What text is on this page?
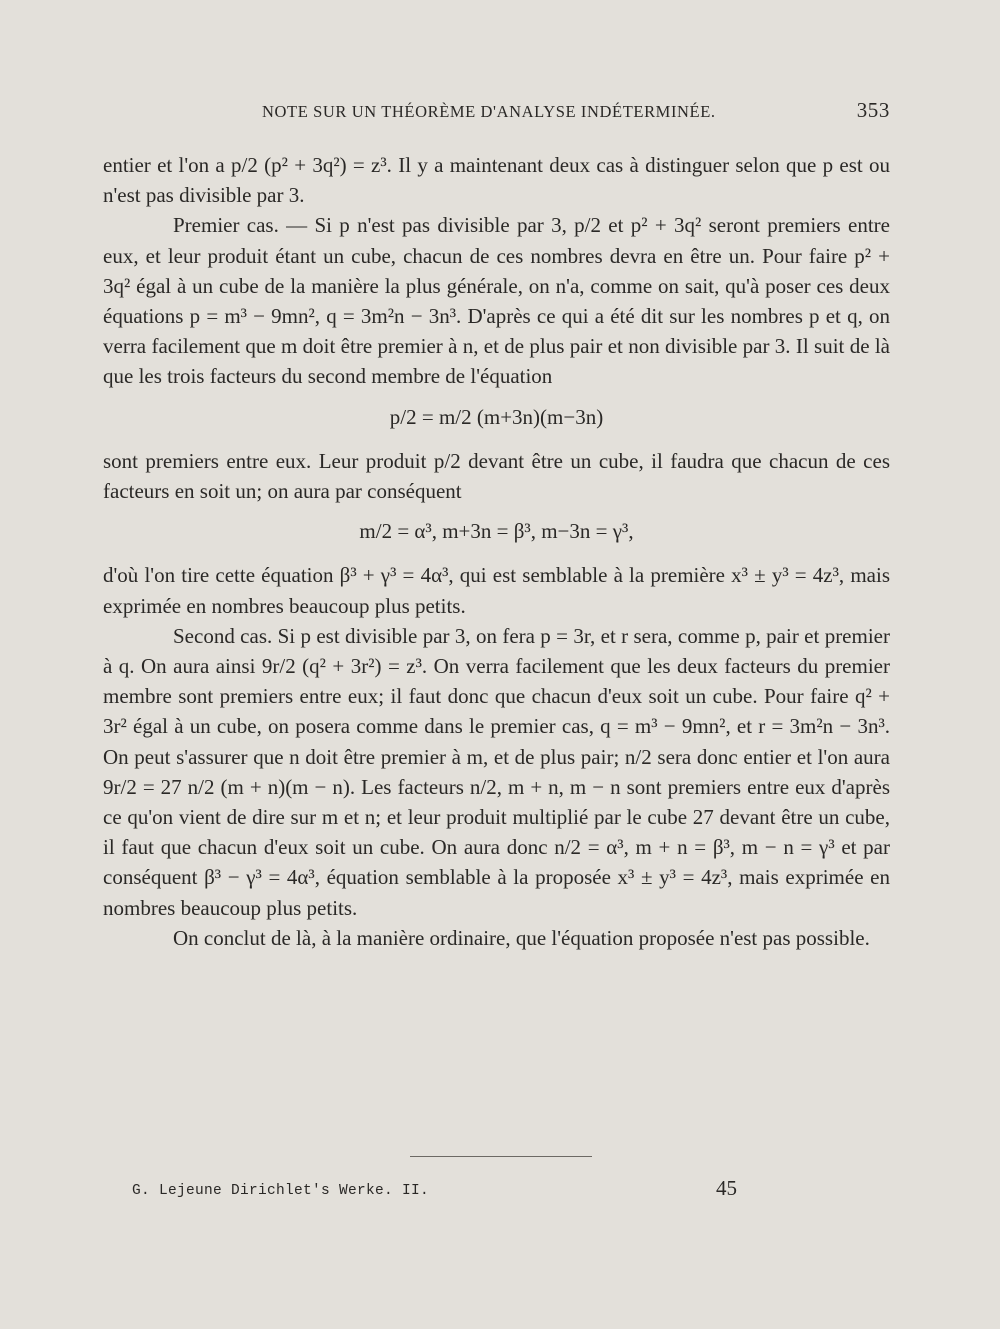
NOTE SUR UN THÉORÈME D'ANALYSE INDÉTERMINÉE.	353

entier et l'on a p/2 (p² + 3q²) = z³. Il y a maintenant deux cas à distinguer selon que p est ou n'est pas divisible par 3.

Premier cas. — Si p n'est pas divisible par 3, p/2 et p² + 3q² seront premiers entre eux, et leur produit étant un cube, chacun de ces nombres devra en être un. Pour faire p² + 3q² égal à un cube de la manière la plus générale, on n'a, comme on sait, qu'à poser ces deux équations p = m³ − 9mn², q = 3m²n − 3n³. D'après ce qui a été dit sur les nombres p et q, on verra facilement que m doit être premier à n, et de plus pair et non divisible par 3. Il suit de là que les trois facteurs du second membre de l'équation

p/2 = m/2 (m+3n)(m−3n)

sont premiers entre eux. Leur produit p/2 devant être un cube, il faudra que chacun de ces facteurs en soit un; on aura par conséquent

m/2 = α³, m+3n = β³, m−3n = γ³,

d'où l'on tire cette équation β³ + γ³ = 4α³, qui est semblable à la première x³ ± y³ = 4z³, mais exprimée en nombres beaucoup plus petits.

Second cas. Si p est divisible par 3, on fera p = 3r, et r sera, comme p, pair et premier à q. On aura ainsi 9r/2 (q² + 3r²) = z³. On verra facilement que les deux facteurs du premier membre sont premiers entre eux; il faut donc que chacun d'eux soit un cube. Pour faire q² + 3r² égal à un cube, on posera comme dans le premier cas, q = m³ − 9mn², et r = 3m²n − 3n³. On peut s'assurer que n doit être premier à m, et de plus pair; n/2 sera donc entier et l'on aura 9r/2 = 27 n/2 (m + n)(m − n). Les facteurs n/2, m + n, m − n sont premiers entre eux d'après ce qu'on vient de dire sur m et n; et leur produit multiplié par le cube 27 devant être un cube, il faut que chacun d'eux soit un cube. On aura donc n/2 = α³, m + n = β³, m − n = γ³ et par conséquent β³ − γ³ = 4α³, équation semblable à la proposée x³ ± y³ = 4z³, mais exprimée en nombres beaucoup plus petits.

On conclut de là, à la manière ordinaire, que l'équation proposée n'est pas possible.

G. Lejeune Dirichlet's Werke. II.	45
